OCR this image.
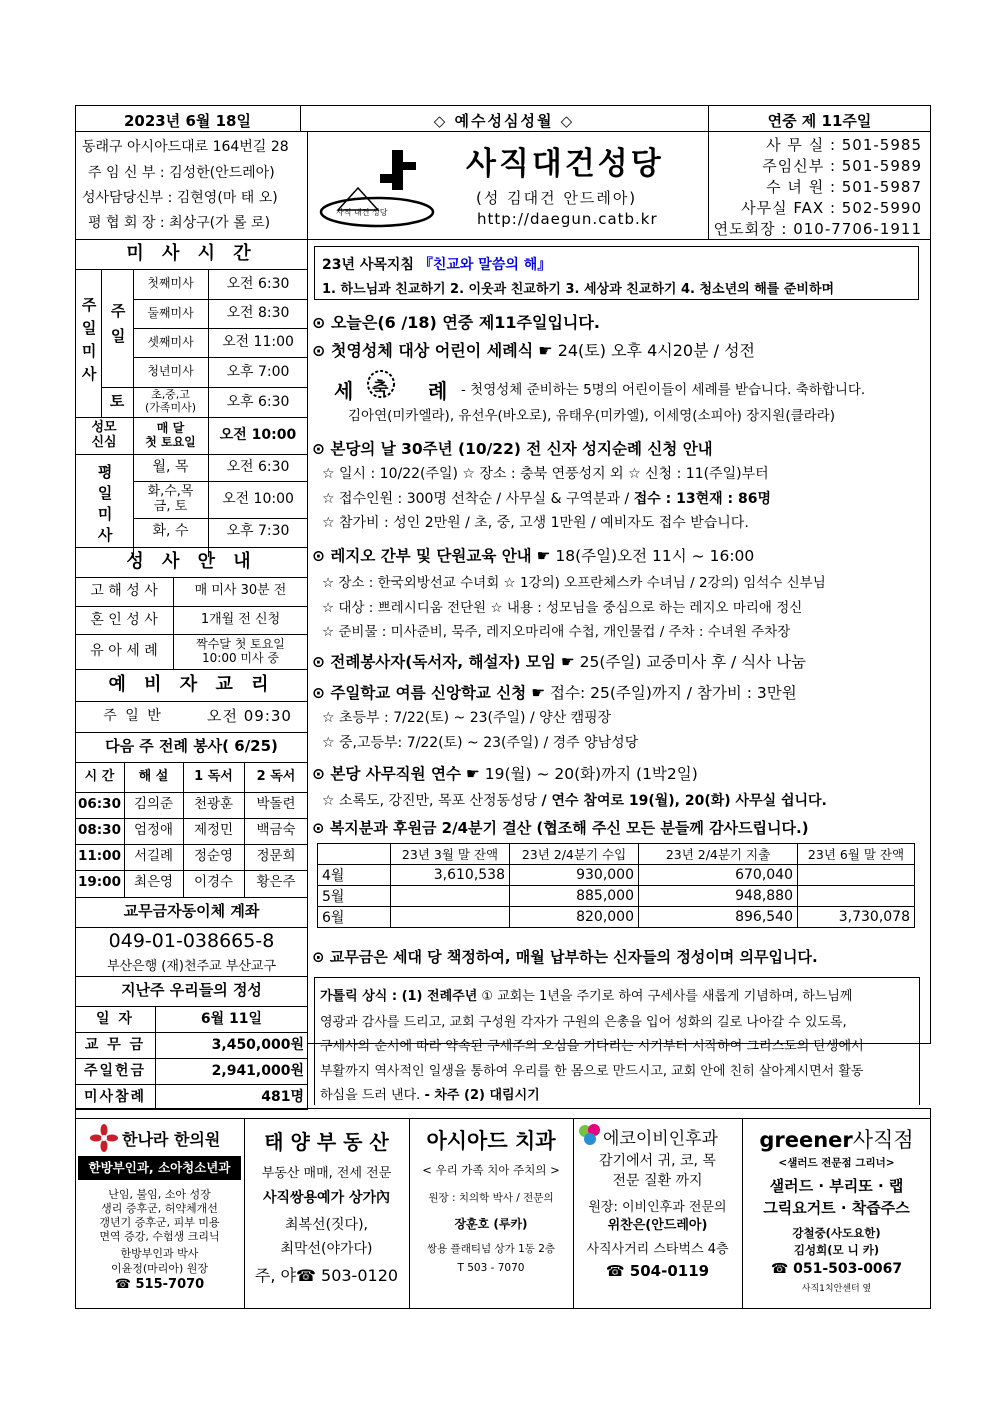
2023년 6월 18일	◇ 예수성심성월 ◇	연중 제 11주일
동래구 아시아드대로 164번길 28
주 임 신 부 : 김성한(안드레아)
성사담당신부 : 김현영(마 태 오)
평 협 회 장 : 최상구(가 롤 로)
사직 대건 성당
사직대건성당
(성 김대건 안드레아)
http://daegun.catb.kr
사 무 실 : 501-5985
주임신부 : 501-5989
수 녀 원 : 501-5987
사무실 FAX : 502-5990
연도회장 : 010-7706-1911
미 사 시 간
주일미사 주일
토
첫째미사	오전 6:30
둘째미사	오전 8:30
셋째미사	오전 11:00
청년미사	오후 7:00
초,중,고
(가족미사)	오후 6:30
성모
신심
매 달
첫 토요일	오전 10:00
평일미사	월, 목	오전 6:30
화,수,목
금, 토	오전 10:00
화, 수	오후 7:30
성 사 안 내
고 해 성 사	매 미사 30분 전
혼 인 성 사	1개월 전 신청
유 아 세 례	짝수달 첫 토요일
10:00 미사 중
예 비 자 교 리
주 일 반	오전 09:30
다음 주 전례 봉사( 6/25)
시 간	해 설	1 독서	2 독서
06:30 김의준	천광훈	박돌련
08:30 엄정애	제정민	백금숙
11:00 서길례	정순영	정문희
19:00 최은영	이경수	황은주
교무금자동이체 계좌
049-01-038665-8
부산은행 (재)천주교 부산교구
지난주 우리들의 정성
일 자	6월 11일
교 무 금	3,450,000원
주일헌금	2,941,000원
미사참례	481명
23년 사목지침 『친교와 말씀의 해』
1. 하느님과 친교하기 2. 이웃과 친교하기 3. 세상과 친교하기 4. 청소년의 해를 준비하며
⊙ 오늘은(6 /18) 연중 제11주일입니다.
⊙ 첫영성체 대상 어린이 세례식 ☛ 24(토) 오후 4시20분 / 성전
세 축 례 - 첫영성체 준비하는 5명의 어린이들이 세례를 받습니다. 축하합니다.
김아연(미카엘라), 유선우(바오로), 유태우(미카엘), 이세영(소피아) 장지원(클라라)
⊙ 본당의 날 30주년 (10/22) 전 신자 성지순례 신청 안내
☆ 일시 : 10/22(주일) ☆ 장소 : 충북 연풍성지 외 ☆ 신청 : 11(주일)부터
☆ 접수인원 : 300명 선착순 / 사무실 & 구역분과 / 접수 : 13현재 : 86명
☆ 참가비 : 성인 2만원 / 초, 중, 고생 1만원 / 예비자도 접수 받습니다.
⊙ 레지오 간부 및 단원교육 안내 ☛ 18(주일)오전 11시 ~ 16:00
☆ 장소 : 한국외방선교 수녀회 ☆ 1강의) 오프란체스카 수녀님 / 2강의) 임석수 신부님
☆ 대상 : 쁘레시디움 전단원 ☆ 내용 : 성모님을 중심으로 하는 레지오 마리애 정신
☆ 준비물 : 미사준비, 묵주, 레지오마리애 수첩, 개인물컵 / 주차 : 수녀원 주차장
⊙ 전례봉사자(독서자, 해설자) 모임 ☛ 25(주일) 교중미사 후 / 식사 나눔
⊙ 주일학교 여름 신앙학교 신청 ☛ 접수: 25(주일)까지 / 참가비 : 3만원
☆ 초등부 : 7/22(토) ~ 23(주일) / 양산 캠핑장
☆ 중,고등부: 7/22(토) ~ 23(주일) / 경주 양남성당
⊙ 본당 사무직원 연수 ☛ 19(월) ~ 20(화)까지 (1박2일)
☆ 소록도, 강진만, 목포 산정동성당 / 연수 참여로 19(월), 20(화) 사무실 쉽니다.
⊙ 복지분과 후원금 2/4분기 결산 (협조해 주신 모든 분들께 감사드립니다.)
	23년 3월 말 잔액	23년 2/4분기 수입	23년 2/4분기 지출	23년 6월 말 잔액
4월	3,610,538	930,000	670,040	
5월		885,000	948,880	
6월		820,000	896,540	3,730,078
⊙ 교무금은 세대 당 책정하여, 매월 납부하는 신자들의 정성이며 의무입니다.
가톨릭 상식 : (1) 전례주년 ① 교회는 1년을 주기로 하여 구세사를 새롭게 기념하며, 하느님께
영광과 감사를 드리고, 교회 구성원 각자가 구원의 은총을 입어 성화의 길로 나아갈 수 있도록,
구세사의 순서에 따라 약속된 구세주의 오심을 기다리는 시기부터 시작하여 그리스도의 탄생에서
부활까지 역사적인 일생을 통하여 우리를 한 몸으로 만드시고, 교회 안에 친히 살아계시면서 활동
하심을 드러 낸다. - 차주 (2) 대림시기
한나라 한의원
한방부인과, 소아청소년과
난임, 불임, 소아 성장
생리 증후군, 허약체개선
갱년기 증후군, 피부 미용
면역 증강, 수험생 크리닉
한방부인과 박사
이윤정(마리아) 원장
☎ 515-7070
태 양 부 동 산
부동산 매매, 전세 전문
사직쌍용예가 상가內
최복선(짓다),
최막선(야가다)
주, 야☎ 503-0120
아시아드 치과
< 우리 가족 치아 주치의 >
원장 : 치의학 박사 / 전문의
장훈호 (루카)
쌍용 플래티넘 상가 1동 2층
T 503 - 7070
에코이비인후과
감기에서 귀, 코, 목
전문 질환 까지
원장: 이비인후과 전문의
위찬은(안드레아)
사직사거리 스타벅스 4층
☎ 504-0119
greener사직점
<샐러드 전문점 그리너>
샐러드 · 부리또 · 랩
그릭요거트 · 착즙주스
강철중(사도요한)
김성희(모 니 카)
☎ 051-503-0067
사직1치안센터 옆
